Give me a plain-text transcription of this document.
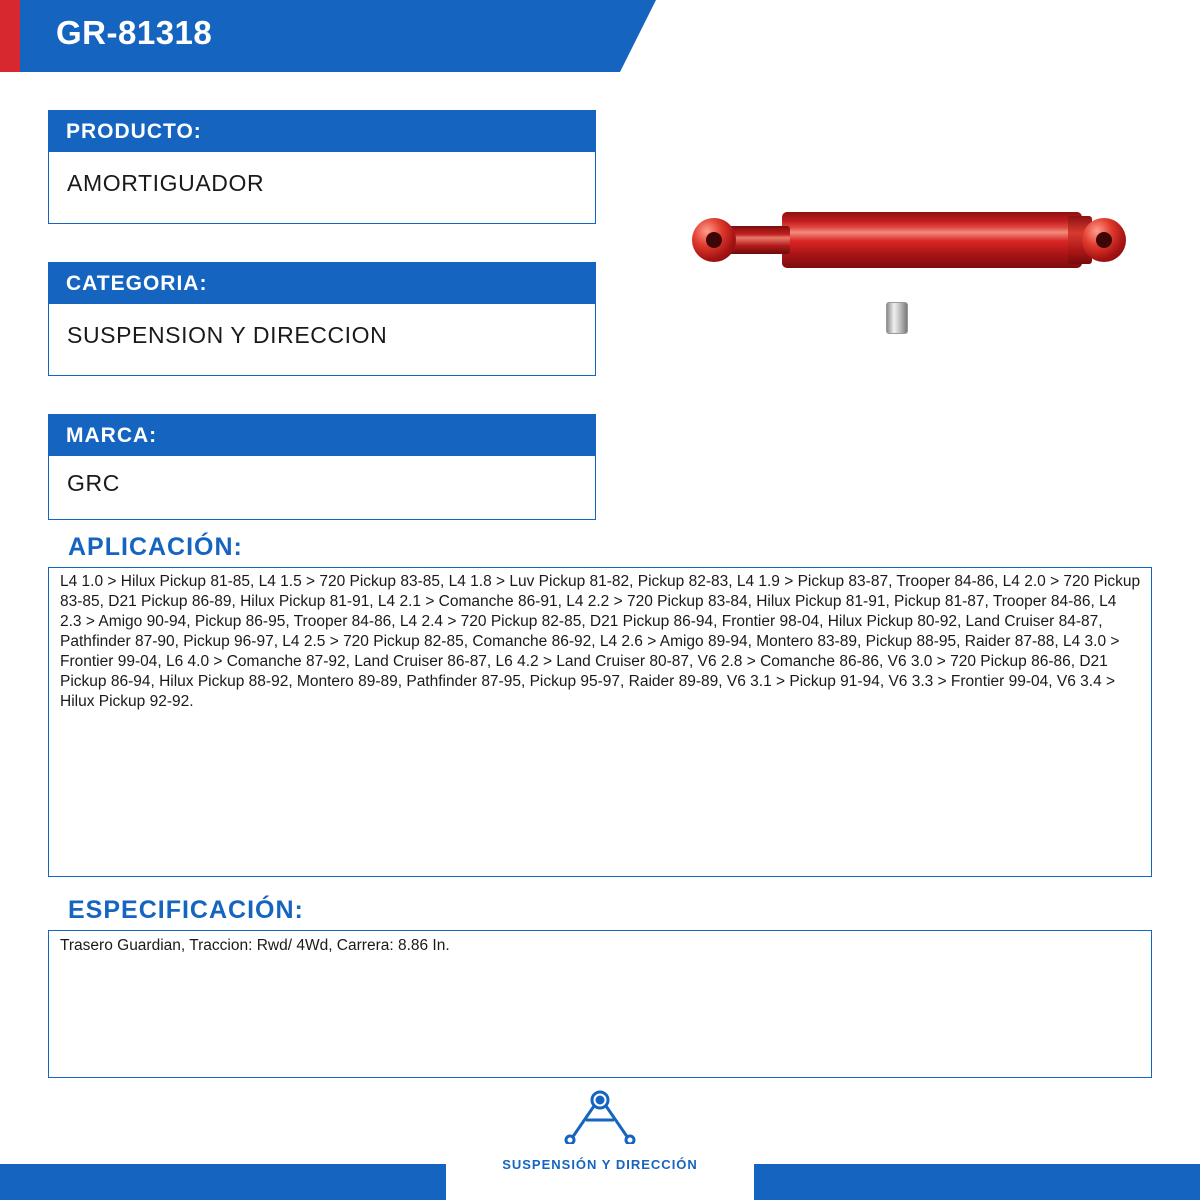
GR-81318
PRODUCTO:
AMORTIGUADOR
CATEGORIA:
SUSPENSION Y DIRECCION
MARCA:
GRC
APLICACIÓN:
L4 1.0 > Hilux Pickup 81-85, L4 1.5 > 720 Pickup 83-85, L4 1.8 > Luv Pickup 81-82, Pickup 82-83, L4 1.9 > Pickup 83-87, Trooper 84-86, L4 2.0 > 720 Pickup 83-85, D21 Pickup 86-89, Hilux Pickup 81-91, L4 2.1 > Comanche 86-91, L4 2.2 > 720 Pickup 83-84, Hilux Pickup 81-91, Pickup 81-87, Trooper 84-86, L4 2.3 > Amigo 90-94, Pickup 86-95, Trooper 84-86, L4 2.4 > 720 Pickup 82-85, D21 Pickup 86-94, Frontier 98-04, Hilux Pickup 80-92, Land Cruiser 84-87, Pathfinder 87-90, Pickup 96-97, L4 2.5 > 720 Pickup 82-85, Comanche 86-92, L4 2.6 > Amigo 89-94, Montero 83-89, Pickup 88-95, Raider 87-88, L4 3.0 > Frontier 99-04, L6 4.0 > Comanche 87-92, Land Cruiser 86-87, L6 4.2 > Land Cruiser 80-87, V6 2.8 > Comanche 86-86, V6 3.0 > 720 Pickup 86-86, D21 Pickup 86-94, Hilux Pickup 88-92, Montero 89-89, Pathfinder 87-95, Pickup 95-97, Raider 89-89, V6 3.1 > Pickup 91-94, V6 3.3 > Frontier 99-04, V6 3.4 > Hilux Pickup 92-92.
ESPECIFICACIÓN:
Trasero Guardian, Traccion: Rwd/ 4Wd, Carrera: 8.86 In.
SUSPENSIÓN Y DIRECCIÓN
